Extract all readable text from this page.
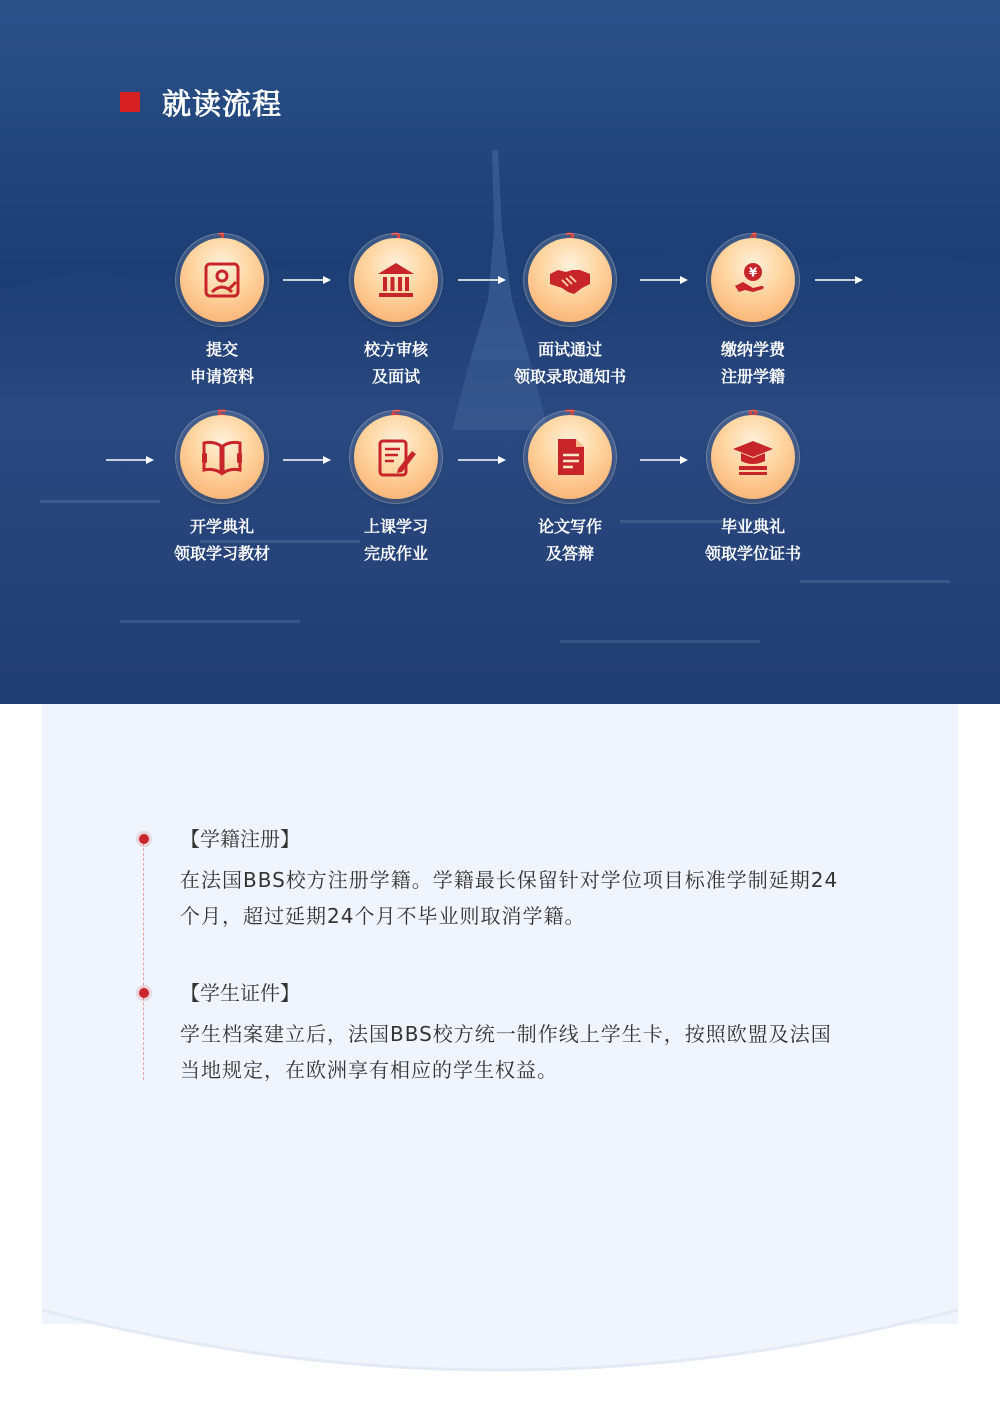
就读流程
提交
申请资料
校方审核
及面试
面试通过
领取录取通知书
¥
缴纳学费
注册学籍
开学典礼
领取学习教材
上课学习
完成作业
论文写作
及答辩
毕业典礼
领取学位证书
【学籍注册】
在法国BBS校方注册学籍。学籍最长保留针对学位项目标准学制延期24
个月，超过延期24个月不毕业则取消学籍。
【学生证件】
学生档案建立后，法国BBS校方统一制作线上学生卡，按照欧盟及法国
当地规定，在欧洲享有相应的学生权益。
